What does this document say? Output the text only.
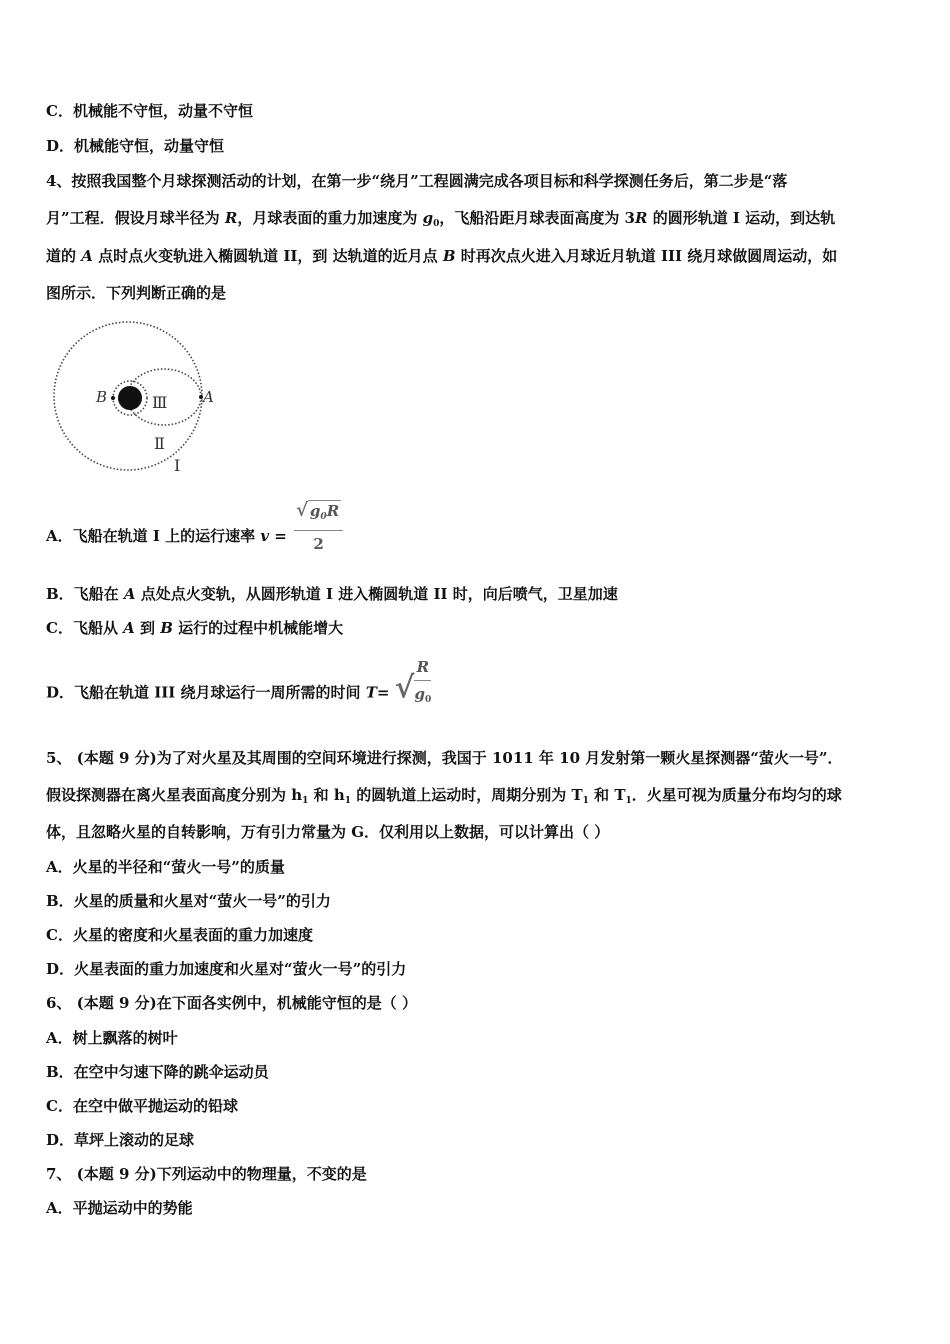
C．机械能不守恒，动量不守恒
D．机械能守恒，动量守恒
4、按照我国整个月球探测活动的计划，在第一步“绕月”工程圆满完成各项目标和科学探测任务后，第二步是“落
月”工程．假设月球半径为 R，月球表面的重力加速度为 $g_0$，飞船沿距月球表面高度为 3R 的圆形轨道 I 运动，到达轨
道的 A 点时点火变轨进入椭圆轨道 II，到 达轨道的近月点 B 时再次点火进入月球近月轨道 III 绕月球做圆周运动，如
图所示．下列判断正确的是
B	A
Ⅲ
Ⅱ
Ⅰ
A．飞船在轨道 I 上的运行速率 $v = \frac{√ g_0R}{2}$
B．飞船在 A 点处点火变轨，从圆形轨道 I 进入椭圆轨道 II 时，向后喷气，卫星加速
C．飞船从 A 到 B 运行的过程中机械能增大
D．飞船在轨道 III 绕月球运行一周所需的时间 T= √ $\frac{R}{g_0}$
5、 (本题 9 分)为了对火星及其周围的空间环境进行探测，我国于 1011 年 10 月发射第一颗火星探测器“萤火一号”．
假设探测器在离火星表面高度分别为 $h_1$ 和 $h_1$ 的圆轨道上运动时，周期分别为 $T_1$ 和 $T_1$．火星可视为质量分布均匀的球
体，且忽略火星的自转影响，万有引力常量为 G．仅利用以上数据，可以计算出（ ）
A．火星的半径和“萤火一号”的质量
B．火星的质量和火星对“萤火一号”的引力
C．火星的密度和火星表面的重力加速度
D．火星表面的重力加速度和火星对“萤火一号”的引力
6、 (本题 9 分)在下面各实例中，机械能守恒的是（ ）
A．树上飘落的树叶
B．在空中匀速下降的跳伞运动员
C．在空中做平抛运动的铅球
D．草坪上滚动的足球
7、 (本题 9 分)下列运动中的物理量，不变的是
A．平抛运动中的势能
